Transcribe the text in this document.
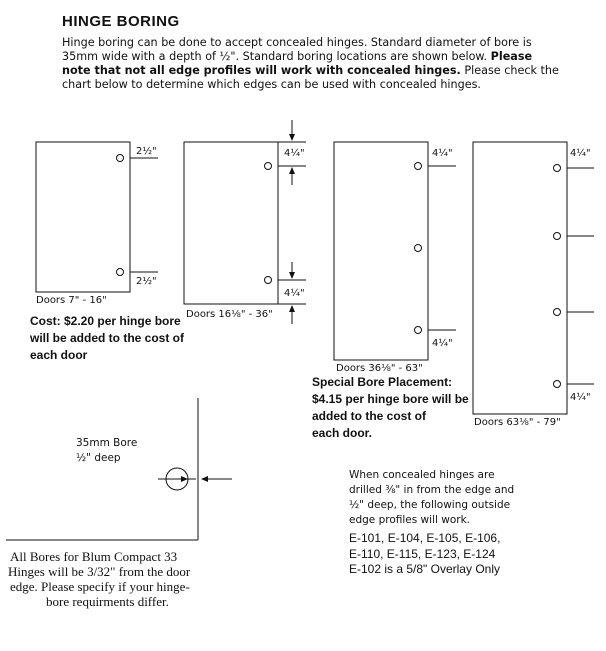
HINGE BORING
Hinge boring can be done to accept concealed hinges. Standard diameter of bore is 35mm wide with a depth of ½". Standard boring locations are shown below. Please note that not all edge profiles will work with concealed hinges. Please check the chart below to determine which edges can be used with concealed hinges.
2½"
2½"
Doors 7" - 16"
4¼"
4¼"
Doors 16⅛" - 36"
4¼"
4¼"
Doors 36⅛" - 63"
4¼"
4¼"
Doors 63⅛" - 79"
Cost: $2.20 per hinge bore
will be added to the cost of
each door
Special Bore Placement:
$4.15 per hinge bore will be
added to the cost of
each door.
35mm Bore
½" deep
All Bores for Blum Compact 33
Hinges will be 3/32" from the door
edge. Please specify if your hinge-
bore requirments differ.
When concealed hinges are
drilled ⅜" in from the edge and
½" deep, the following outside
edge profiles will work.
E-101, E-104, E-105, E-106,
E-110, E-115, E-123, E-124
E-102 is a 5/8" Overlay Only
